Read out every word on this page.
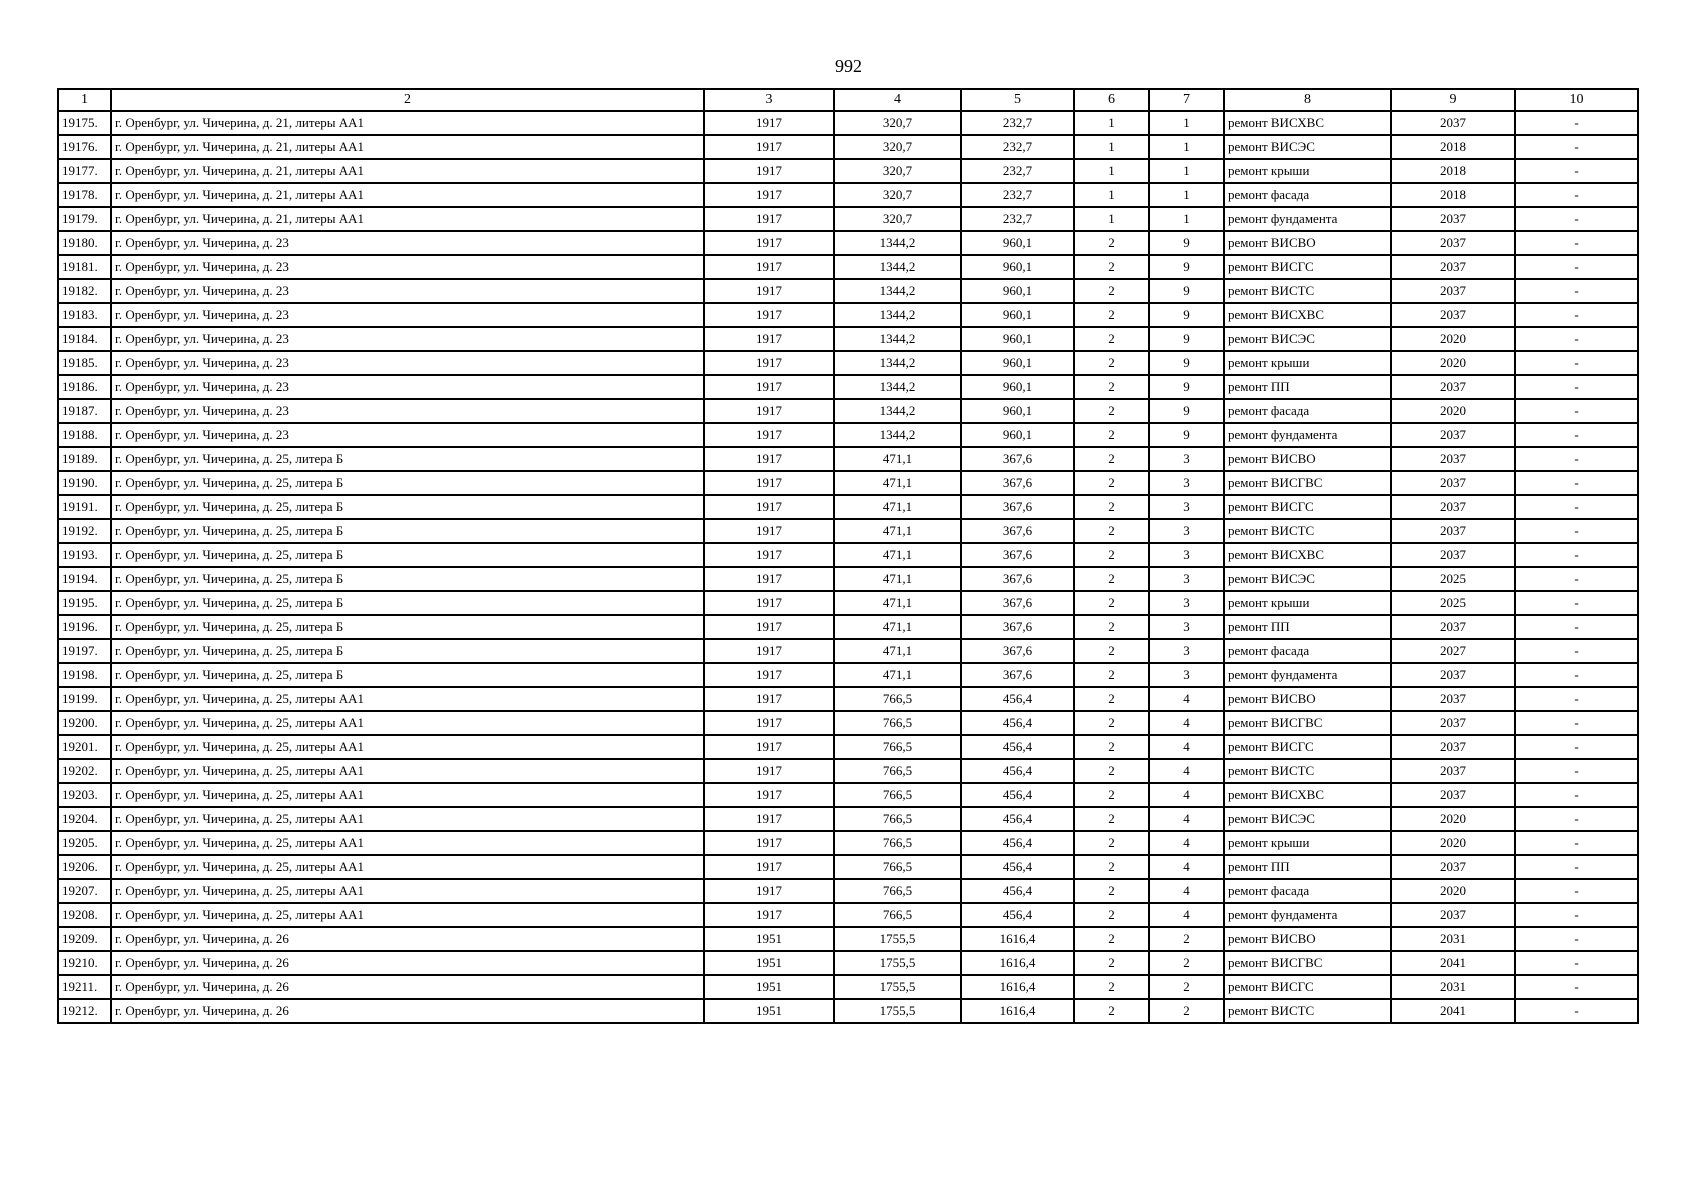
992
1	2	3	4	5	6	7	8	9	10
19175.	г. Оренбург, ул. Чичерина, д. 21, литеры АА1	1917	320,7	232,7	1	1	ремонт ВИСХВС	2037	-
19176.	г. Оренбург, ул. Чичерина, д. 21, литеры АА1	1917	320,7	232,7	1	1	ремонт ВИСЭС	2018	-
19177.	г. Оренбург, ул. Чичерина, д. 21, литеры АА1	1917	320,7	232,7	1	1	ремонт крыши	2018	-
19178.	г. Оренбург, ул. Чичерина, д. 21, литеры АА1	1917	320,7	232,7	1	1	ремонт фасада	2018	-
19179.	г. Оренбург, ул. Чичерина, д. 21, литеры АА1	1917	320,7	232,7	1	1	ремонт фундамента	2037	-
19180.	г. Оренбург, ул. Чичерина, д. 23	1917	1344,2	960,1	2	9	ремонт ВИСВО	2037	-
19181.	г. Оренбург, ул. Чичерина, д. 23	1917	1344,2	960,1	2	9	ремонт ВИСГС	2037	-
19182.	г. Оренбург, ул. Чичерина, д. 23	1917	1344,2	960,1	2	9	ремонт ВИСТС	2037	-
19183.	г. Оренбург, ул. Чичерина, д. 23	1917	1344,2	960,1	2	9	ремонт ВИСХВС	2037	-
19184.	г. Оренбург, ул. Чичерина, д. 23	1917	1344,2	960,1	2	9	ремонт ВИСЭС	2020	-
19185.	г. Оренбург, ул. Чичерина, д. 23	1917	1344,2	960,1	2	9	ремонт крыши	2020	-
19186.	г. Оренбург, ул. Чичерина, д. 23	1917	1344,2	960,1	2	9	ремонт ПП	2037	-
19187.	г. Оренбург, ул. Чичерина, д. 23	1917	1344,2	960,1	2	9	ремонт фасада	2020	-
19188.	г. Оренбург, ул. Чичерина, д. 23	1917	1344,2	960,1	2	9	ремонт фундамента	2037	-
19189.	г. Оренбург, ул. Чичерина, д. 25, литера Б	1917	471,1	367,6	2	3	ремонт ВИСВО	2037	-
19190.	г. Оренбург, ул. Чичерина, д. 25, литера Б	1917	471,1	367,6	2	3	ремонт ВИСГВС	2037	-
19191.	г. Оренбург, ул. Чичерина, д. 25, литера Б	1917	471,1	367,6	2	3	ремонт ВИСГС	2037	-
19192.	г. Оренбург, ул. Чичерина, д. 25, литера Б	1917	471,1	367,6	2	3	ремонт ВИСТС	2037	-
19193.	г. Оренбург, ул. Чичерина, д. 25, литера Б	1917	471,1	367,6	2	3	ремонт ВИСХВС	2037	-
19194.	г. Оренбург, ул. Чичерина, д. 25, литера Б	1917	471,1	367,6	2	3	ремонт ВИСЭС	2025	-
19195.	г. Оренбург, ул. Чичерина, д. 25, литера Б	1917	471,1	367,6	2	3	ремонт крыши	2025	-
19196.	г. Оренбург, ул. Чичерина, д. 25, литера Б	1917	471,1	367,6	2	3	ремонт ПП	2037	-
19197.	г. Оренбург, ул. Чичерина, д. 25, литера Б	1917	471,1	367,6	2	3	ремонт фасада	2027	-
19198.	г. Оренбург, ул. Чичерина, д. 25, литера Б	1917	471,1	367,6	2	3	ремонт фундамента	2037	-
19199.	г. Оренбург, ул. Чичерина, д. 25, литеры АА1	1917	766,5	456,4	2	4	ремонт ВИСВО	2037	-
19200.	г. Оренбург, ул. Чичерина, д. 25, литеры АА1	1917	766,5	456,4	2	4	ремонт ВИСГВС	2037	-
19201.	г. Оренбург, ул. Чичерина, д. 25, литеры АА1	1917	766,5	456,4	2	4	ремонт ВИСГС	2037	-
19202.	г. Оренбург, ул. Чичерина, д. 25, литеры АА1	1917	766,5	456,4	2	4	ремонт ВИСТС	2037	-
19203.	г. Оренбург, ул. Чичерина, д. 25, литеры АА1	1917	766,5	456,4	2	4	ремонт ВИСХВС	2037	-
19204.	г. Оренбург, ул. Чичерина, д. 25, литеры АА1	1917	766,5	456,4	2	4	ремонт ВИСЭС	2020	-
19205.	г. Оренбург, ул. Чичерина, д. 25, литеры АА1	1917	766,5	456,4	2	4	ремонт крыши	2020	-
19206.	г. Оренбург, ул. Чичерина, д. 25, литеры АА1	1917	766,5	456,4	2	4	ремонт ПП	2037	-
19207.	г. Оренбург, ул. Чичерина, д. 25, литеры АА1	1917	766,5	456,4	2	4	ремонт фасада	2020	-
19208.	г. Оренбург, ул. Чичерина, д. 25, литеры АА1	1917	766,5	456,4	2	4	ремонт фундамента	2037	-
19209.	г. Оренбург, ул. Чичерина, д. 26	1951	1755,5	1616,4	2	2	ремонт ВИСВО	2031	-
19210.	г. Оренбург, ул. Чичерина, д. 26	1951	1755,5	1616,4	2	2	ремонт ВИСГВС	2041	-
19211.	г. Оренбург, ул. Чичерина, д. 26	1951	1755,5	1616,4	2	2	ремонт ВИСГС	2031	-
19212.	г. Оренбург, ул. Чичерина, д. 26	1951	1755,5	1616,4	2	2	ремонт ВИСТС	2041	-
